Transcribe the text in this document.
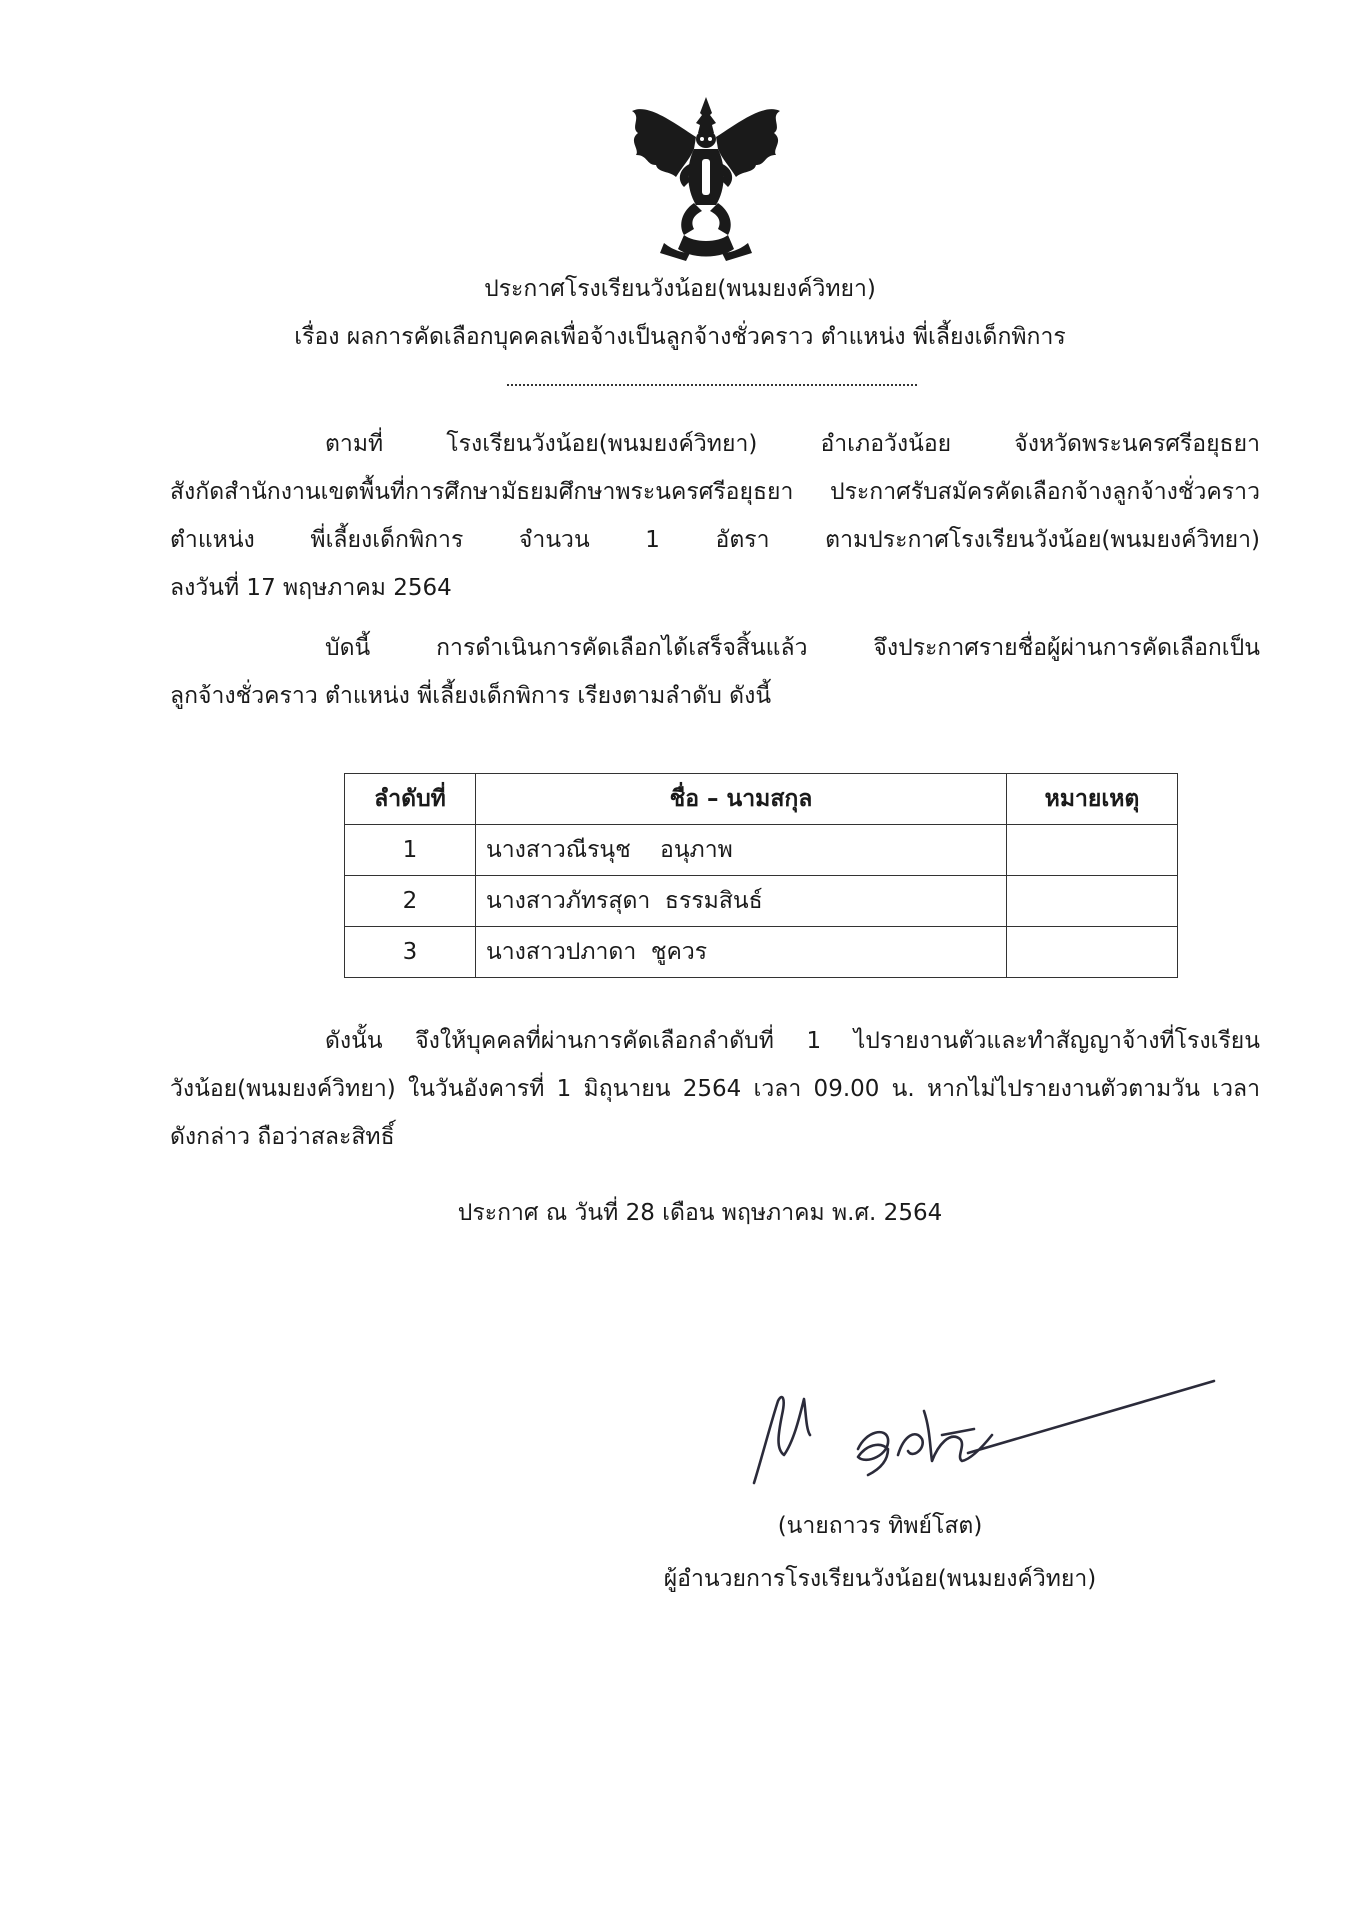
ประกาศโรงเรียนวังน้อย(พนมยงค์วิทยา)
เรื่อง ผลการคัดเลือกบุคคลเพื่อจ้างเป็นลูกจ้างชั่วคราว ตำแหน่ง พี่เลี้ยงเด็กพิการ

ตามที่ โรงเรียนวังน้อย(พนมยงค์วิทยา) อำเภอวังน้อย จังหวัดพระนครศรีอยุธยา

สังกัดสำนักงานเขตพื้นที่การศึกษามัธยมศึกษาพระนครศรีอยุธยา ประกาศรับสมัครคัดเลือกจ้างลูกจ้างชั่วคราว

ตำแหน่ง พี่เลี้ยงเด็กพิการ จำนวน 1 อัตรา ตามประกาศโรงเรียนวังน้อย(พนมยงค์วิทยา)

ลงวันที่ 17 พฤษภาคม 2564

บัดนี้ การดำเนินการคัดเลือกได้เสร็จสิ้นแล้ว จึงประกาศรายชื่อผู้ผ่านการคัดเลือกเป็น

ลูกจ้างชั่วคราว ตำแหน่ง พี่เลี้ยงเด็กพิการ เรียงตามลำดับ ดังนี้

ลำดับที่	ชื่อ – นามสกุล	หมายเหตุ
1	นางสาวณีรนุช    อนุภาพ	
2	นางสาวภัทรสุดา  ธรรมสินธ์	
3	นางสาวปภาดา  ชูควร	

ดังนั้น จึงให้บุคคลที่ผ่านการคัดเลือกลำดับที่ 1 ไปรายงานตัวและทำสัญญาจ้างที่โรงเรียน

วังน้อย(พนมยงค์วิทยา) ในวันอังคารที่ 1 มิถุนายน 2564 เวลา 09.00 น. หากไม่ไปรายงานตัวตามวัน เวลา

ดังกล่าว ถือว่าสละสิทธิ์

ประกาศ ณ วันที่ 28 เดือน พฤษภาคม พ.ศ. 2564
(นายถาวร ทิพย์โสต)
ผู้อำนวยการโรงเรียนวังน้อย(พนมยงค์วิทยา)
